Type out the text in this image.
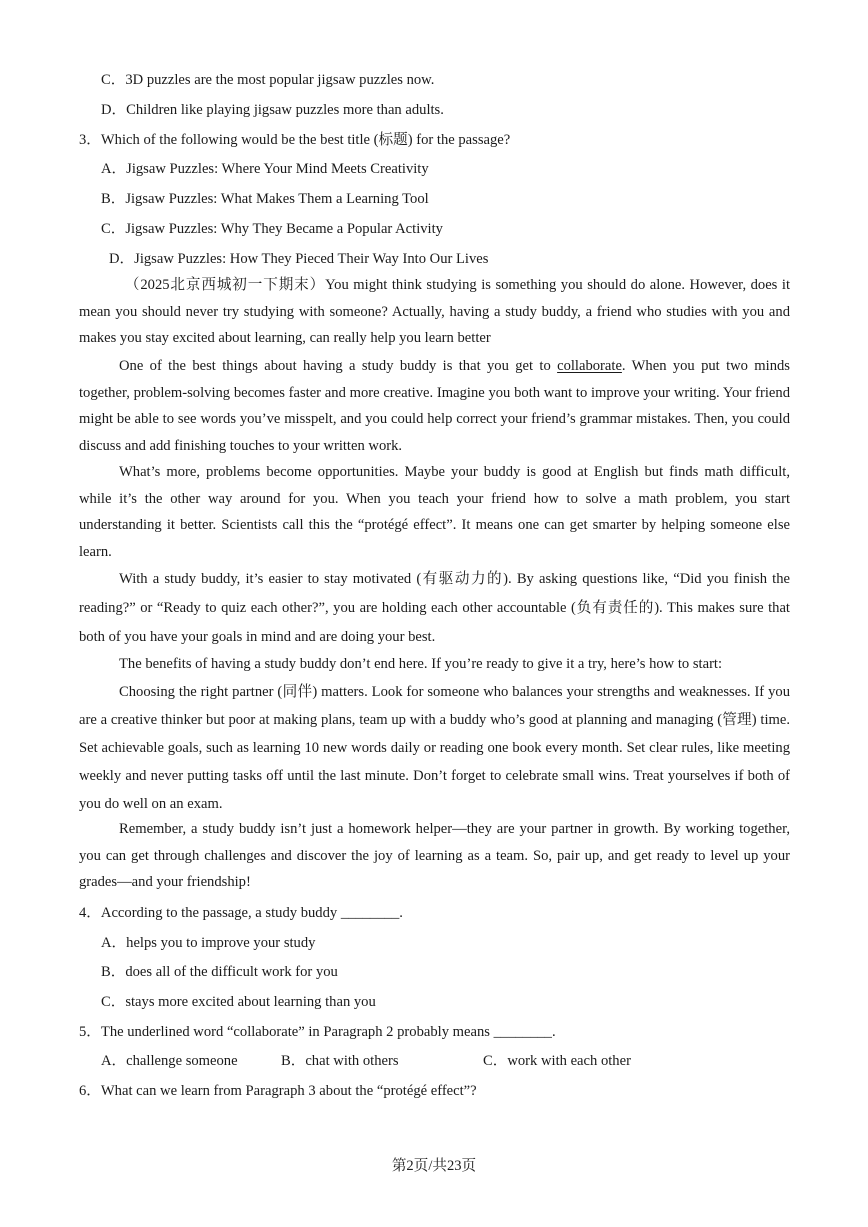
C．3D puzzles are the most popular jigsaw puzzles now.
D．Children like playing jigsaw puzzles more than adults.
3．Which of the following would be the best title (标题) for the passage?
A．Jigsaw Puzzles: Where Your Mind Meets Creativity
B．Jigsaw Puzzles: What Makes Them a Learning Tool
C．Jigsaw Puzzles: Why They Became a Popular Activity
D．Jigsaw Puzzles: How They Pieced Their Way Into Our Lives
（2025北京西城初一下期末）You might think studying is something you should do alone. However, does it mean you should never try studying with someone? Actually, having a study buddy, a friend who studies with you and makes you stay excited about learning, can really help you learn better
One of the best things about having a study buddy is that you get to collaborate. When you put two minds together, problem-solving becomes faster and more creative. Imagine you both want to improve your writing. Your friend might be able to see words you’ve misspelt, and you could help correct your friend’s grammar mistakes. Then, you could discuss and add finishing touches to your written work.
What’s more, problems become opportunities. Maybe your buddy is good at English but finds math difficult, while it’s the other way around for you. When you teach your friend how to solve a math problem, you start understanding it better. Scientists call this the “protégé effect”. It means one can get smarter by helping someone else learn.
With a study buddy, it’s easier to stay motivated (有驱动力的). By asking questions like, “Did you finish the reading?” or “Ready to quiz each other?”, you are holding each other accountable (负有责任的). This makes sure that both of you have your goals in mind and are doing your best.
The benefits of having a study buddy don’t end here. If you’re ready to give it a try, here’s how to start:
Choosing the right partner (同伴) matters. Look for someone who balances your strengths and weaknesses. If you are a creative thinker but poor at making plans, team up with a buddy who’s good at planning and managing (管理) time. Set achievable goals, such as learning 10 new words daily or reading one book every month. Set clear rules, like meeting weekly and never putting tasks off until the last minute. Don’t forget to celebrate small wins. Treat yourselves if both of you do well on an exam.
Remember, a study buddy isn’t just a homework helper—they are your partner in growth. By working together, you can get through challenges and discover the joy of learning as a team. So, pair up, and get ready to level up your grades—and your friendship!
4．According to the passage, a study buddy ________.
A．helps you to improve your study
B．does all of the difficult work for you
C．stays more excited about learning than you
5．The underlined word “collaborate” in Paragraph 2 probably means ________.
A．challenge someone	B．chat with others	C．work with each other
6．What can we learn from Paragraph 3 about the “protégé effect”?
第2页/共23页
